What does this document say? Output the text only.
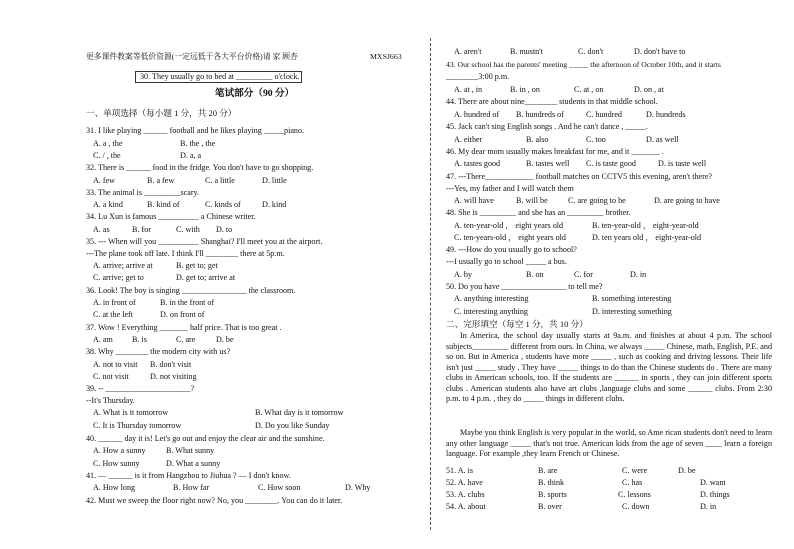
更多课件教案等低价资源(一定远低于各大平台价格)请 家 顾杏	MXSJ663
30. They usually go to bed at _________ o'clock.
笔试部分（90 分）
一、单项选择（每小题 1 分，共 20 分）
31. I like playing ______ football and he likes playing _____piano.
A. a , the	B. the , the
C. / , the	D. a, a
32. There is ______ food in the fridge. You don't have to go shopping.
A. few	B. a few	C. a little	D. little
33. The animal is _________scary.
A. a kind	B. kind of	C. kinds of	D. kind
34. Lu Xun is famous __________ a Chinese writer.
A. as	B. for	C. with D. to
35. --- When will you __________ Shanghai? I'll meet you at the airport.
---The plane took off late. I think I'll ________ there at 5p.m.
A. arrive; arrive at	B. get to; get
C. arrive; get to	D. get to; arrive at
36. Look! The boy is singing ________________ the classroom.
A. in front of	B. in the front of
C. at the left	D. on front of
37. Wow ! Everything _______ half price. That is too great .
A. am B. is	C. are	D. be
38. Why ________ the modern city with us?
A. not to visit B. don't visit
C. not visit	D. not visiting
39. -- _____________________?
--It's Thursday.
A. What is it tomorrow	B. What day is it tomorrow
C. It is Thursday tomorrow	D. Do you like Sunday
40. ______ day it is! Let's go out and enjoy the clear air and the sunshine.
A. How a sunny	B. What sunny
C. How sunny	D. What a sunny
41. — ______ is it from Hangzhou to Jiuhua ? — I don't know.
A. How long	B. How far	C. How soon	D. Why
42. Must we sweep the floor right now? No, you ________. You can do it later.
A. aren't	B. mustn't	C. don't	D. don't have to
43. Our school has the parents' meeting _____ the afternoon of October 10th, and it starts
________3:00 p.m.
A. at , in	B. in , on	C. at , on	D. on , at
44. There are about nine________ students in that middle school.
A. hundred of B. hundreds of	C. hundred	D. hundreds
45. Jack can't sing English songs . And he can't dance , _____.
A. either	B. also	C. too	D. as well
46. My dear mom usually makes breakfast for me, and it _______ .
A. tastes good	B. tastes well C. is taste good	D. is taste well
47. ---There____________ football matches on CCTV5 this evening, aren't there?
---Yes, my father and I will watch them
A. will have	B. will be	C. are going to be	D. are going to have
48. She is _________ and she has an _________ brother.
A. ten-year-old ， eight years old	B. ten-year-old ， eight-year-old
C. ten-years-old ， eight years old	D. ten years old ， eight-year-old
49. ---How do you usually go to school?
---I usually go to school _____ a bus.
A. by	B. on	C. for	D. in
50. Do you have ________________ to tell me?
A. anything interesting	B. something interesting
C. interesting anything	D. interesting something
二、完形填空（每空 1 分，共 10 分）
In America, the school day usually starts at 9a.m. and finishes at about 4 p.m. The school subjects_________ different from ours. In China, we always _____ Chinese, math, English, P.E. and so on. But in America , students have more _____ , such as cooking and driving lessons. Their life isn't just _____ study . They have _____ things to do than the Chinese students do . There are many clubs in American schools, too. If the students are ______ in sports , they can join different sports clubs . American students also have art clubs ,language clubs and some ______ clubs. From 2:30 p.m. to 4 p.m. , they do _____ things in different clubs.
Maybe you think English is very popular in the world, so Ame rican students don't need to learn any other language _____ that's not true. American kids from the age of seven ____ learn a foreign language. For example ,they learn French or Chinese.
51. A. is	B. are	C. were	D. be
52. A. have	B. think	C. has	D. want
53. A. clubs	B. sports	C. lessons	D. things
54. A. about	B. over	C. down	D. in
